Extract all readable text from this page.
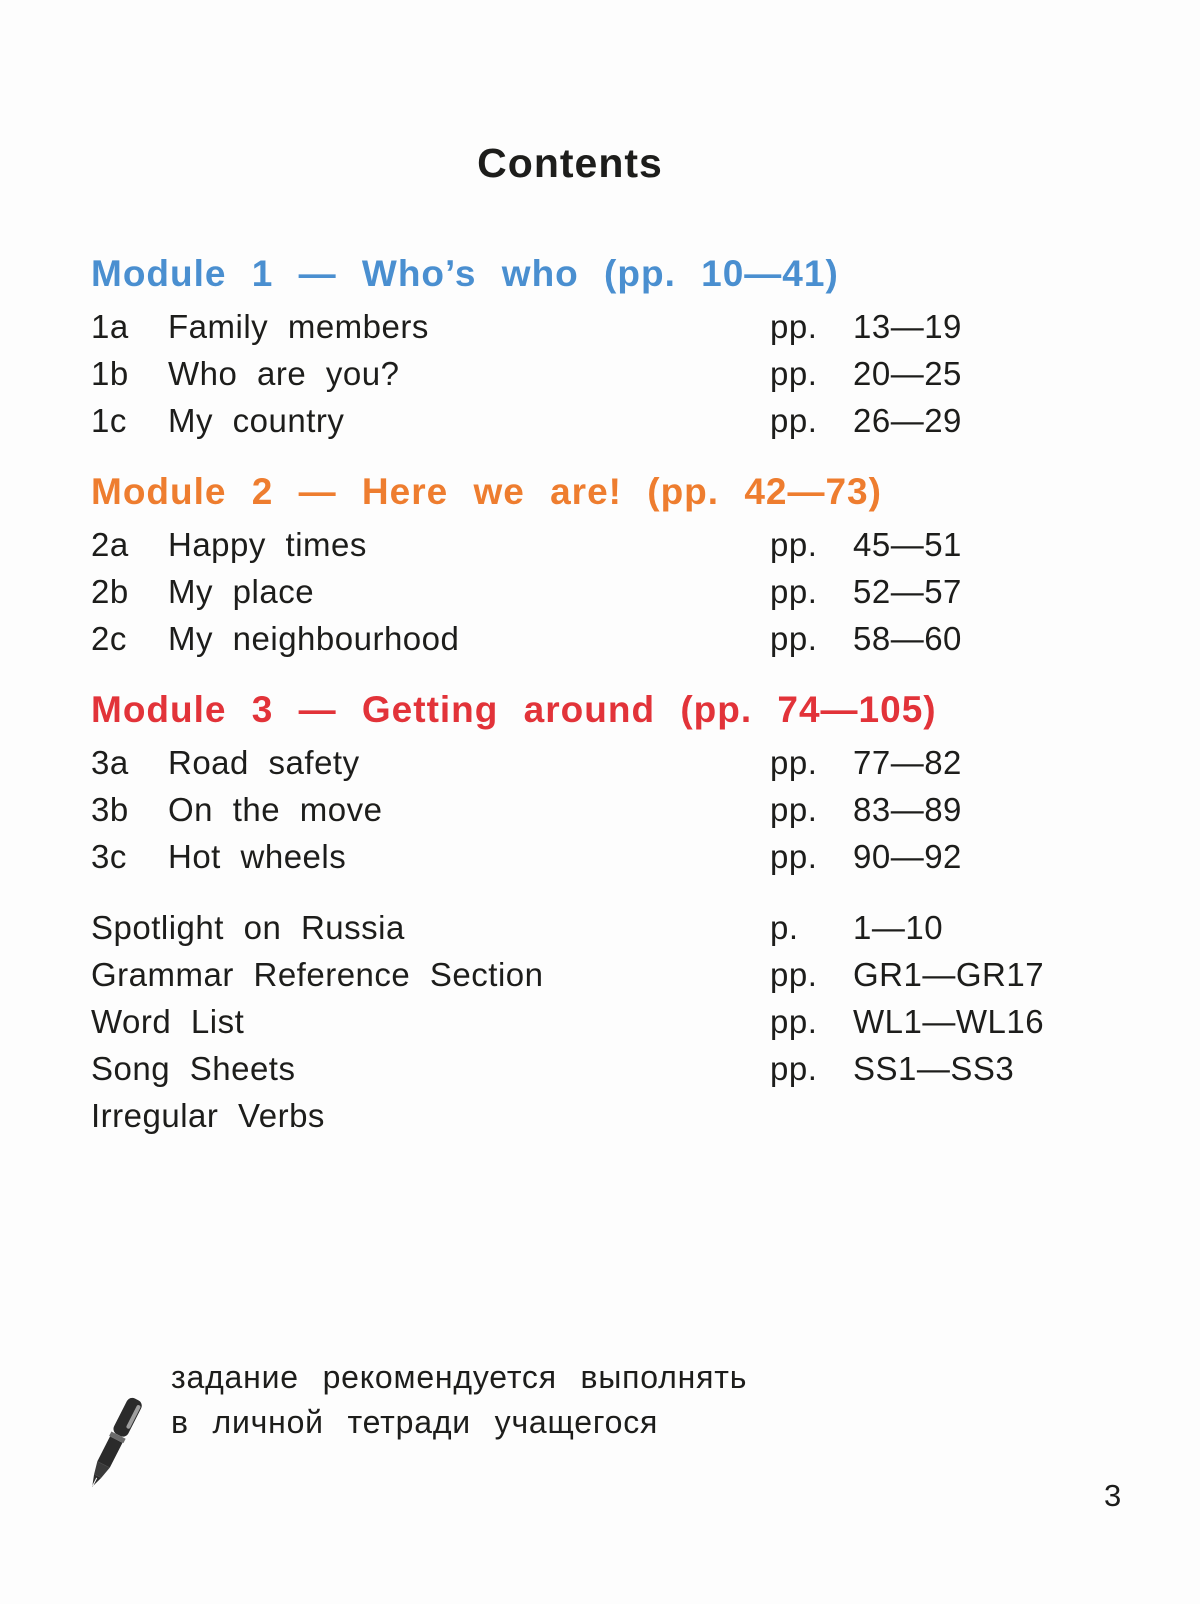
Contents
Module 1 — Who’s who (pp. 10—41)
1a Family members	pp. 13—19
1b Who are you?	pp. 20—25
1c My country	pp. 26—29
Module 2 — Here we are! (pp. 42—73)
2a Happy times	pp. 45—51
2b My place	pp. 52—57
2c My neighbourhood	pp. 58—60
Module 3 — Getting around (pp. 74—105)
3a Road safety	pp. 77—82
3b On the move	pp. 83—89
3c Hot wheels	pp. 90—92
Spotlight on Russia	p. 1—10
Grammar Reference Section	pp. GR1—GR17
Word List	pp. WL1—WL16
Song Sheets	pp. SS1—SS3
Irregular Verbs
задание рекомендуется выполнять
в личной тетради учащегося
3
